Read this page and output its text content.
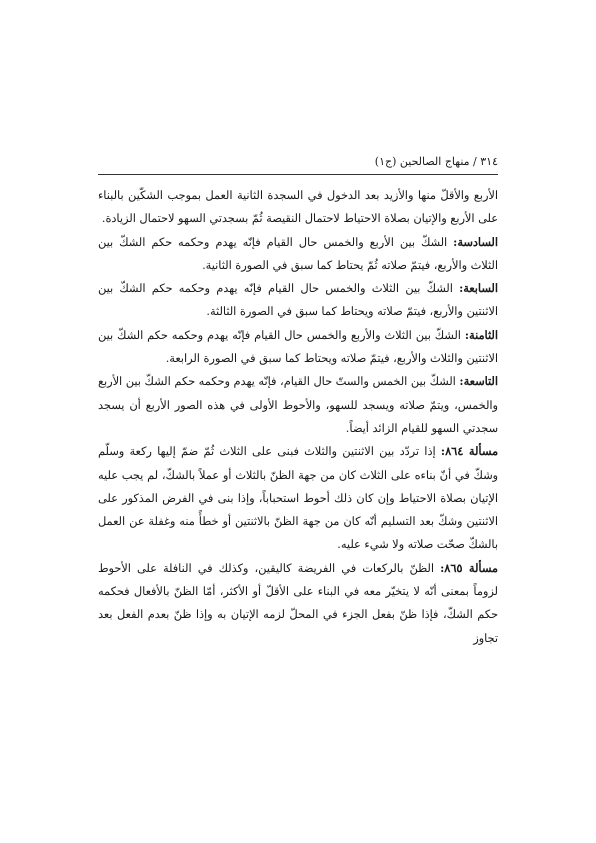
٣١٤ / منهاج الصالحين (ج١)

الأربع والأقلّ منها والأزيد بعد الدخول في السجدة الثانية العمل بموجب الشكّين بالبناء على الأربع والإتيان بصلاة الاحتياط لاحتمال النقيصة ثُمّ بسجدتي السهو لاحتمال الزيادة.

السادسة: الشكّ بين الأربع والخمس حال القيام فإنّه يهدم وحكمه حكم الشكّ بين الثلاث والأربع، فيتمّ صلاته ثُمّ يحتاط كما سبق في الصورة الثانية.

السابعة: الشكّ بين الثلاث والخمس حال القيام فإنّه يهدم وحكمه حكم الشكّ بين الاثنتين والأربع، فيتمّ صلاته ويحتاط كما سبق في الصورة الثالثة.

الثامنة: الشكّ بين الثلاث والأربع والخمس حال القيام فإنّه يهدم وحكمه حكم الشكّ بين الاثنتين والثلاث والأربع، فيتمّ صلاته ويحتاط كما سبق في الصورة الرابعة.

التاسعة: الشكّ بين الخمس والستّ حال القيام، فإنّه يهدم وحكمه حكم الشكّ بين الأربع والخمس، ويتمّ صلاته ويسجد للسهو، والأحوط الأولى في هذه الصور الأربع أن يسجد سجدتي السهو للقيام الزائد أيضاً.

مسألة ٨٦٤: إذا تردّد بين الاثنتين والثلاث فبنى على الثلاث ثُمّ ضمّ إليها ركعة وسلّم وشكّ في أنّ بناءه على الثلاث كان من جهة الظنّ بالثلاث أو عملاً بالشكّ، لم يجب عليه الإتيان بصلاة الاحتياط وإن كان ذلك أحوط استحباباً، وإذا بنى في الفرض المذكور على الاثنتين وشكّ بعد التسليم أنّه كان من جهة الظنّ بالاثنتين أو خطأً منه وغفلة عن العمل بالشكّ صحّت صلاته ولا شيء عليه.

مسألة ٨٦٥: الظنّ بالركعات في الفريضة كاليقين، وكذلك في النافلة على الأحوط لزوماً بمعنى أنّه لا يتخيّر معه في البناء على الأقلّ أو الأكثر، أمّا الظنّ بالأفعال فحكمه حكم الشكّ، فإذا ظنّ بفعل الجزء في المحلّ لزمه الإتيان به وإذا ظنّ بعدم الفعل بعد تجاوز
